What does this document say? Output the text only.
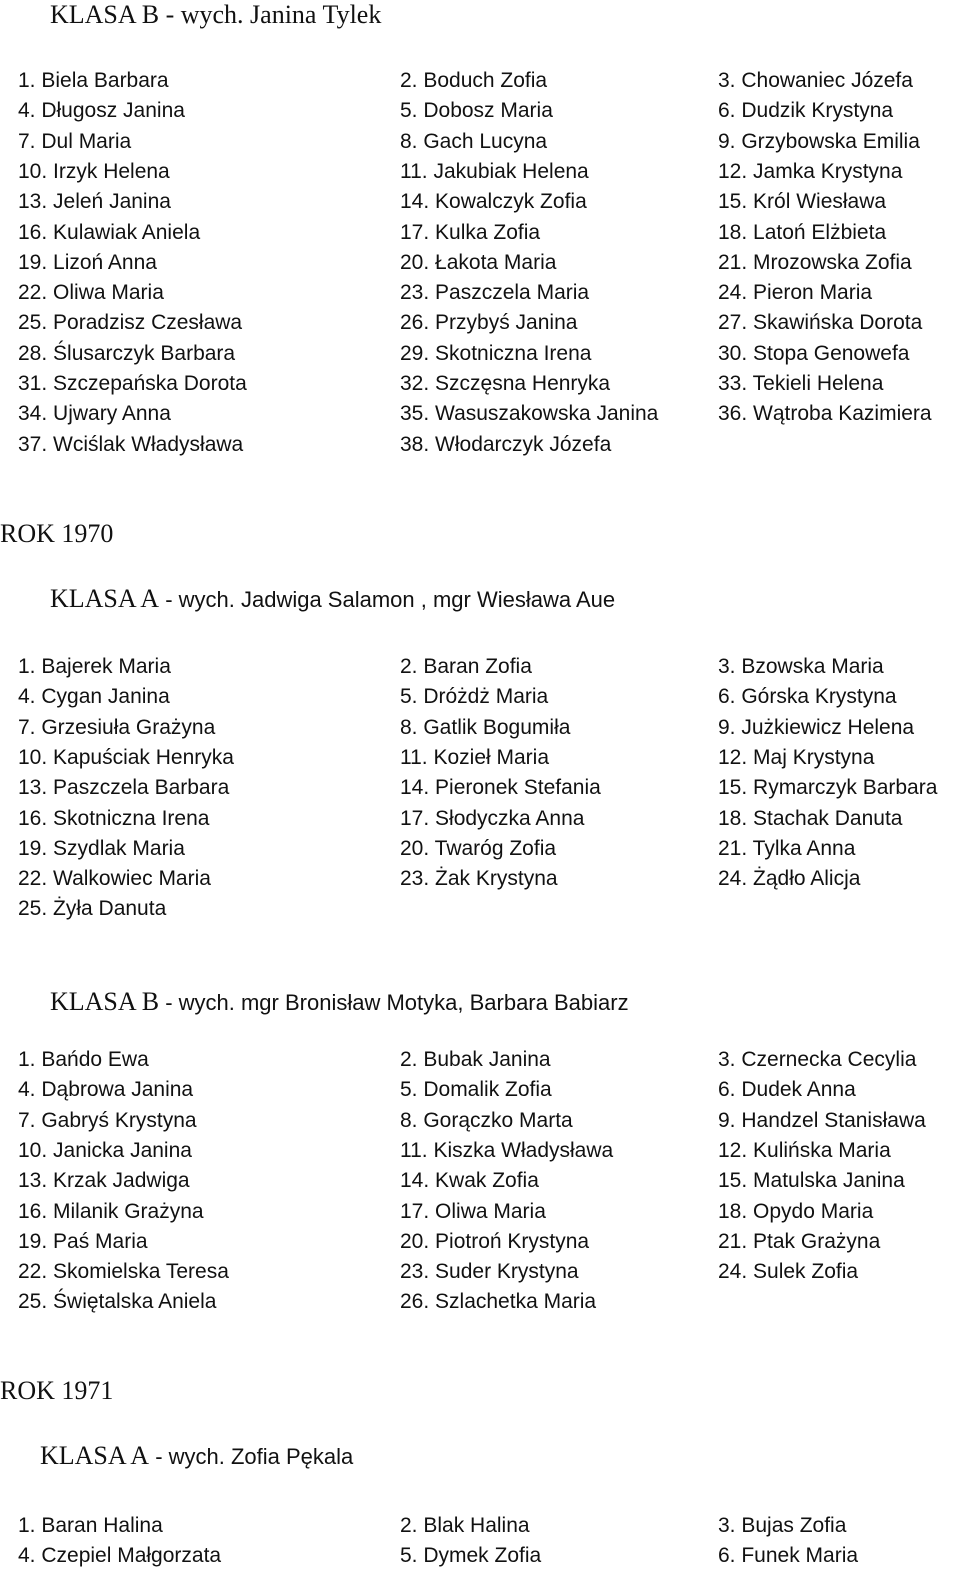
KLASA B - wych. Janina Tylek
1. Biela Barbara	2. Boduch Zofia	3. Chowaniec Józefa
4. Długosz Janina	5. Dobosz Maria	6. Dudzik Krystyna
7. Dul Maria	8. Gach Lucyna	9. Grzybowska Emilia
10. Irzyk Helena	11. Jakubiak Helena	12. Jamka Krystyna
13. Jeleń Janina	14. Kowalczyk Zofia	15. Król Wiesława
16. Kulawiak Aniela	17. Kulka Zofia	18. Latoń Elżbieta
19. Lizoń Anna	20. Łakota Maria	21. Mrozowska Zofia
22. Oliwa Maria	23. Paszczela Maria	24. Pieron Maria
25. Poradzisz Czesława	26. Przybyś Janina	27. Skawińska Dorota
28. Ślusarczyk Barbara	29. Skotniczna Irena	30. Stopa Genowefa
31. Szczepańska Dorota	32. Szczęsna Henryka	33. Tekieli Helena
34. Ujwary Anna	35. Wasuszakowska Janina	36. Wątroba Kazimiera
37. Wciślak Władysława	38. Włodarczyk Józefa
ROK 1970
KLASA A - wych. Jadwiga Salamon , mgr Wiesława Aue
1. Bajerek Maria	2. Baran Zofia	3. Bzowska Maria
4. Cygan Janina	5. Dróżdż Maria	6. Górska Krystyna
7. Grzesiuła Grażyna	8. Gatlik Bogumiła	9. Jużkiewicz Helena
10. Kapuściak Henryka	11. Kozieł Maria	12. Maj Krystyna
13. Paszczela Barbara	14. Pieronek Stefania	15. Rymarczyk Barbara
16. Skotniczna Irena	17. Słodyczka Anna	18. Stachak Danuta
19. Szydlak Maria	20. Twaróg Zofia	21. Tylka Anna
22. Walkowiec Maria	23. Żak Krystyna	24. Żądło Alicja
25. Żyła Danuta
KLASA B - wych. mgr Bronisław Motyka, Barbara Babiarz
1. Bańdo Ewa	2. Bubak Janina	3. Czernecka Cecylia
4. Dąbrowa Janina	5. Domalik Zofia	6. Dudek Anna
7. Gabryś Krystyna	8. Gorączko Marta	9. Handzel Stanisława
10. Janicka Janina	11. Kiszka Władysława	12. Kulińska Maria
13. Krzak Jadwiga	14. Kwak Zofia	15. Matulska Janina
16. Milanik Grażyna	17. Oliwa Maria	18. Opydo Maria
19. Paś Maria	20. Piotroń Krystyna	21. Ptak Grażyna
22. Skomielska Teresa	23. Suder Krystyna	24. Sulek Zofia
25. Świętalska Aniela	26. Szlachetka Maria
ROK 1971
KLASA A - wych. Zofia Pękala
1. Baran Halina	2. Blak Halina	3. Bujas Zofia
4. Czepiel Małgorzata	5. Dymek Zofia	6. Funek Maria
